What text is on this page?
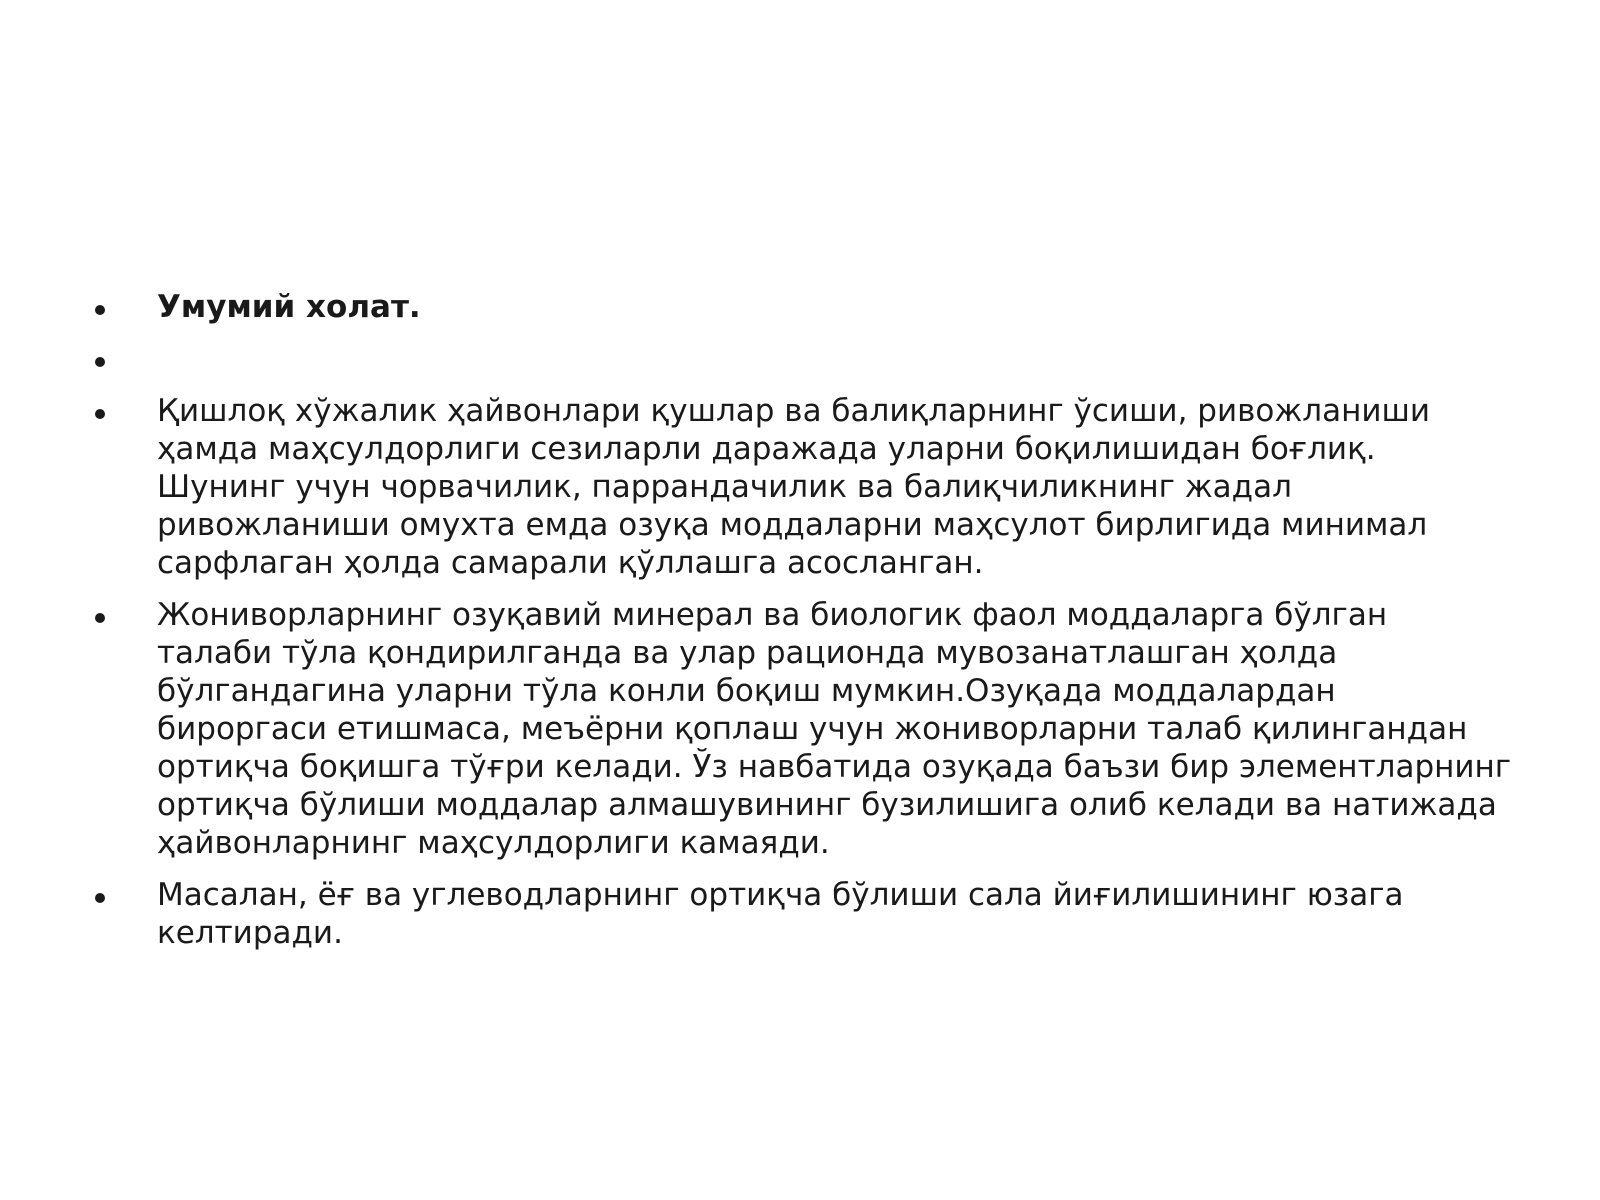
Умумий холат.
Қишлоқ хўжалик ҳайвонлари қушлар ва балиқларнинг ўсиши, ривожланиши ҳамда маҳсулдорлиги сезиларли даражада уларни боқилишидан боғлиқ. Шунинг учун чорвачилик, паррандачилик ва балиқчиликнинг жадал ривожланиши омухта емда озуқа моддаларни маҳсулот бирлигида минимал сарфлаган ҳолда самарали қўллашга асосланган.
Жониворларнинг озуқавий минерал ва биологик фаол моддаларга бўлган талаби тўла қондирилганда ва улар рационда мувозанатлашган ҳолда бўлгандагина уларни тўла конли боқиш мумкин.Озуқада моддалардан бироргаси етишмаса, меъёрни қоплаш учун жониворларни талаб қилингандан ортиқча боқишга тўғри келади. Ўз навбатида озуқада баъзи бир элементларнинг ортиқча бўлиши моддалар алмашувининг бузилишига олиб келади ва натижада ҳайвонларнинг маҳсулдорлиги камаяди.
Масалан, ёғ ва углеводларнинг ортиқча бўлиши сала йиғилишининг юзага келтиради.
